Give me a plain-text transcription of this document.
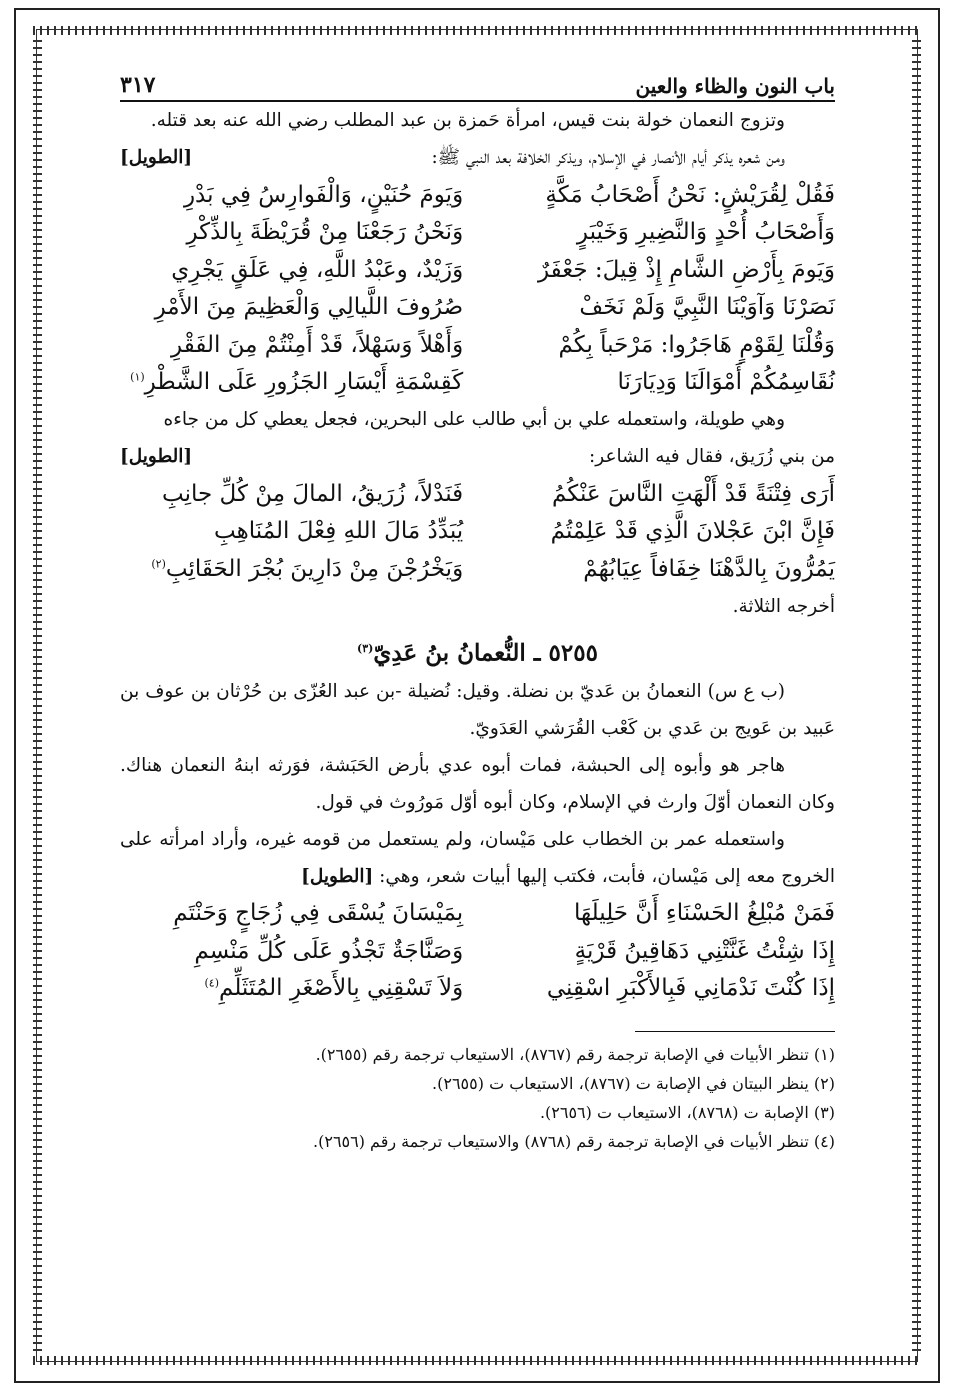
باب النون والظاء والعين
٣١٧

وتزوج النعمان خولة بنت قيس، امرأة حَمزة بن عبد المطلب رضي الله عنه بعد قتله.

ومن شعره يذكر أيام الأنصار في الإسلام، ويذكر الخلافة بعد النبي ﷺ:
[الطويل]

فَقُلْ لِقُرَيْشٍ: نَحْنُ أَصْحَابُ مَكَّةٍ
وَيَومَ حُنَيْنٍ، وَالْفَوارِسُ فِي بَدْرِ
وَأَصْحَابُ أُحْدٍ وَالنَّضِيرِ وَخَيْبَرٍ
وَنَحْنُ رَجَعْنَا مِنْ قُرَيْظَةَ بِالذِّكْرِ
وَيَومَ بِأَرْضِ الشَّامِ إِذْ قِيلَ: جَعْفَرٌ
وَزَيْدٌ، وعَبْدُ اللَّهِ، فِي عَلَقٍ يَجْرِي
نَصَرْنَا وَآوَيْنَا النَّبِيَّ وَلَمْ نَخَفْ
صُرُوفَ اللَّيالِي وَالْعَظِيمَ مِنَ الأَمْرِ
وَقُلْنَا لِقَوْمٍ هَاجَرُوا: مَرْحَباً بِكُمْ
وَأَهْلاً وَسَهْلاً، قَدْ أَمِنْتُمْ مِنَ الفَقْرِ
نُقَاسِمُكُمْ أَمْوَالَنَا وَدِيَارَنَا
كَقِسْمَةِ أَيْسَارِ الجَزُورِ عَلَى الشَّطْرِ$^{(١)}$

وهي طويلة، واستعمله علي بن أبي طالب على البحرين، فجعل يعطي كل من جاءه

من بني زُرَيق، فقال فيه الشاعر:
[الطويل]

أَرَى فِتْنَةً قَدْ أَلْهَتِ النَّاسَ عَنْكُمُ
فَنَدْلاً، زُرَيقُ، المالَ مِنْ كُلِّ جانِبِ
فَإِنَّ ابْنَ عَجْلانَ الَّذِي قَدْ عَلِمْتُمُ
يُبَدِّدُ مَالَ اللهِ فِعْلَ المُنَاهِبِ
يَمُرُّونَ بِالدَّهْنَا خِفَافاً عِيَابُهُمْ
وَيَخْرُجْنَ مِنْ دَارِينَ بُجْرَ الحَقَائِبِ$^{(٢)}$

أخرجه الثلاثة.

٥٢٥٥ ـ النُّعمانُ بنُ عَدِيّ$^{(٣)}$

(ب ع س) النعمانُ بن عَديّ بن نضلة. وقيل: نُضيلة -بن عبد العُزّى بن حُرْثان بن عوف بن عَبيد بن عَويج بن عَدي بن كَعْب القُرَشي العَدَويّ.

هاجر هو وأبوه إلى الحبشة، فمات أبوه عدي بأرض الحَبَشة، فوَرثه ابنهُ النعمان هناك. وكان النعمان أوّلَ وارث في الإسلام، وكان أبوه أوّل مَورُوث في قول.

واستعمله عمر بن الخطاب على مَيْسان، ولم يستعمل من قومه غيره، وأراد امرأته على الخروج معه إلى مَيْسان، فأبت، فكتب إليها أبيات شعر، وهي: [الطويل]

فَمَنْ مُبْلِغُ الحَسْنَاءِ أَنَّ حَلِيلَهَا
بِمَيْسَانَ يُسْقَى فِي زُجَاجٍ وَحَنْتَمِ
إِذَا شِئْتُ غَنَّتْنِي دَهَاقِينُ قَرْيَةٍ
وَصَنَّاجَةٌ تَجْذُو عَلَى كُلِّ مَنْسِمِ
إِذَا كُنْتَ نَدْمَانِي فَبِالأَكْبَرِ اسْقِنِي
وَلاَ تَسْقِنِي بِالأَصْغَرِ المُتَثَلِّمِ$^{(٤)}$

(١) تنظر الأبيات في الإصابة ترجمة رقم (٨٧٦٧)، الاستيعاب ترجمة رقم (٢٦٥٥).

(٢) ينظر البيتان في الإصابة ت (٨٧٦٧)، الاستيعاب ت (٢٦٥٥).

(٣) الإصابة ت (٨٧٦٨)، الاستيعاب ت (٢٦٥٦).

(٤) تنظر الأبيات في الإصابة ترجمة رقم (٨٧٦٨) والاستيعاب ترجمة رقم (٢٦٥٦).
